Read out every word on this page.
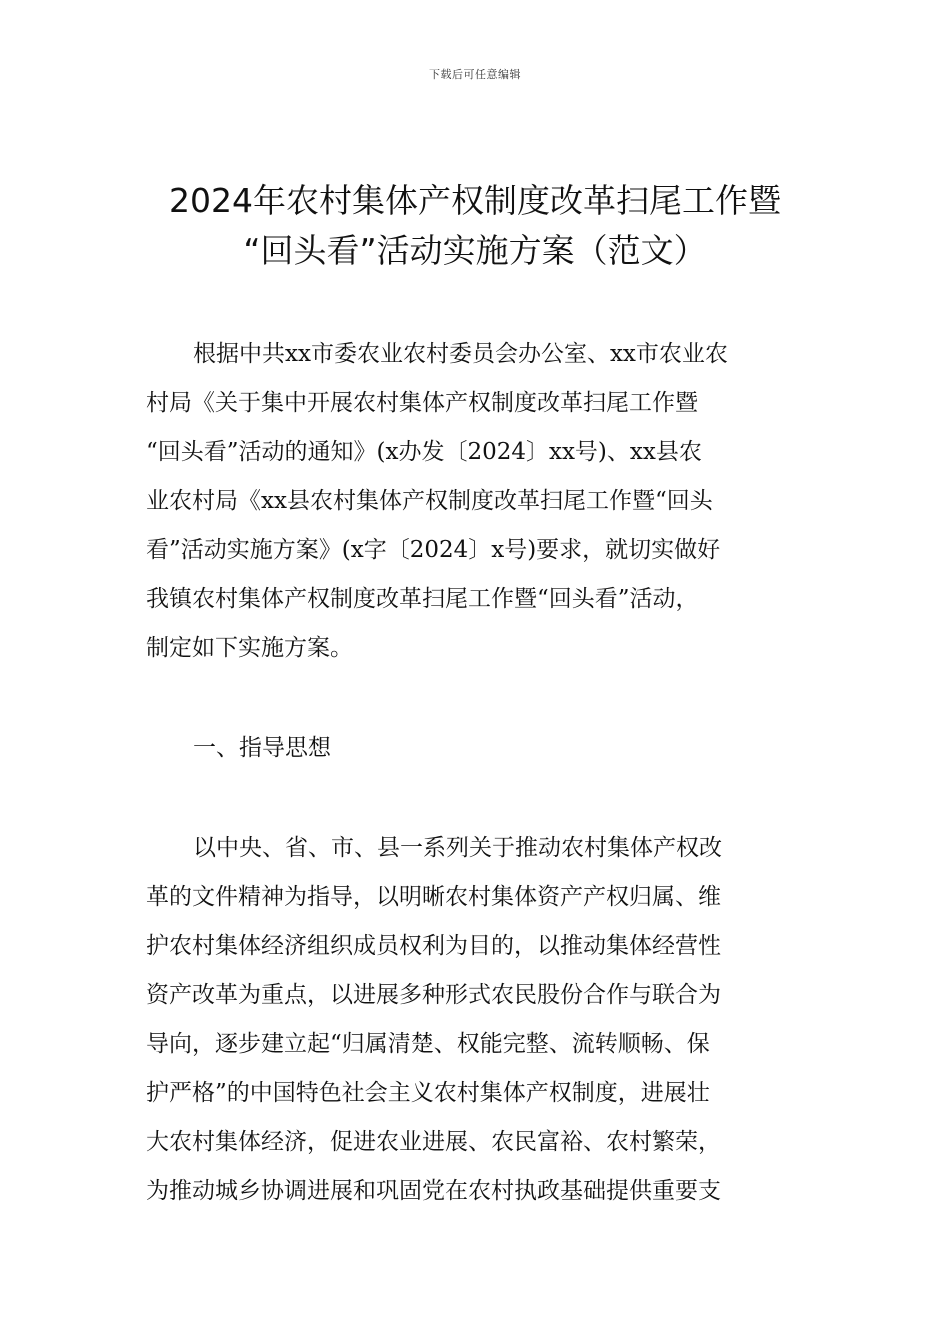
下载后可任意编辑
2024年农村集体产权制度改革扫尾工作暨
“回头看”活动实施方案（范文）

根据中共xx市委农业农村委员会办公室、xx市农业农
村局《关于集中开展农村集体产权制度改革扫尾工作暨
“回头看”活动的通知》(x办发〔2024〕xx号)、xx县农
业农村局《xx县农村集体产权制度改革扫尾工作暨“回头
看”活动实施方案》(x字〔2024〕x号)要求，就切实做好
我镇农村集体产权制度改革扫尾工作暨“回头看”活动，
制定如下实施方案。

一、指导思想

以中央、省、市、县一系列关于推动农村集体产权改
革的文件精神为指导，以明晰农村集体资产产权归属、维
护农村集体经济组织成员权利为目的，以推动集体经营性
资产改革为重点，以进展多种形式农民股份合作与联合为
导向，逐步建立起“归属清楚、权能完整、流转顺畅、保
护严格”的中国特色社会主义农村集体产权制度，进展壮
大农村集体经济，促进农业进展、农民富裕、农村繁荣，
为推动城乡协调进展和巩固党在农村执政基础提供重要支
